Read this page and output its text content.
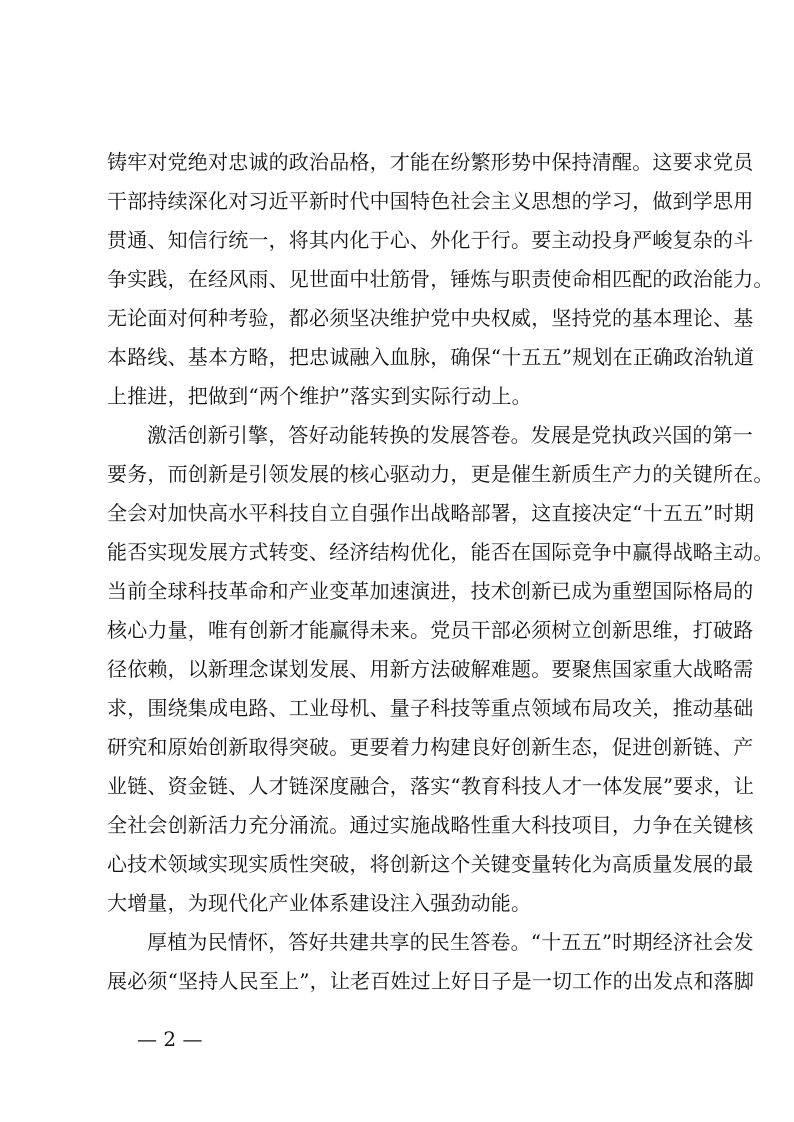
铸牢对党绝对忠诚的政治品格，才能在纷繁形势中保持清醒。这要求党员
干部持续深化对习近平新时代中国特色社会主义思想的学习，做到学思用
贯通、知信行统一，将其内化于心、外化于行。要主动投身严峻复杂的斗
争实践，在经风雨、见世面中壮筋骨，锤炼与职责使命相匹配的政治能力。
无论面对何种考验，都必须坚决维护党中央权威，坚持党的基本理论、基
本路线、基本方略，把忠诚融入血脉，确保“十五五”规划在正确政治轨道
上推进，把做到“两个维护”落实到实际行动上。
激活创新引擎，答好动能转换的发展答卷。发展是党执政兴国的第一
要务，而创新是引领发展的核心驱动力，更是催生新质生产力的关键所在。
全会对加快高水平科技自立自强作出战略部署，这直接决定“十五五”时期
能否实现发展方式转变、经济结构优化，能否在国际竞争中赢得战略主动。
当前全球科技革命和产业变革加速演进，技术创新已成为重塑国际格局的
核心力量，唯有创新才能赢得未来。党员干部必须树立创新思维，打破路
径依赖，以新理念谋划发展、用新方法破解难题。要聚焦国家重大战略需
求，围绕集成电路、工业母机、量子科技等重点领域布局攻关，推动基础
研究和原始创新取得突破。更要着力构建良好创新生态，促进创新链、产
业链、资金链、人才链深度融合，落实“教育科技人才一体发展”要求，让
全社会创新活力充分涌流。通过实施战略性重大科技项目，力争在关键核
心技术领域实现实质性突破，将创新这个关键变量转化为高质量发展的最
大增量，为现代化产业体系建设注入强劲动能。
厚植为民情怀，答好共建共享的民生答卷。“十五五”时期经济社会发
展必须“坚持人民至上”，让老百姓过上好日子是一切工作的出发点和落脚
— 2 —
